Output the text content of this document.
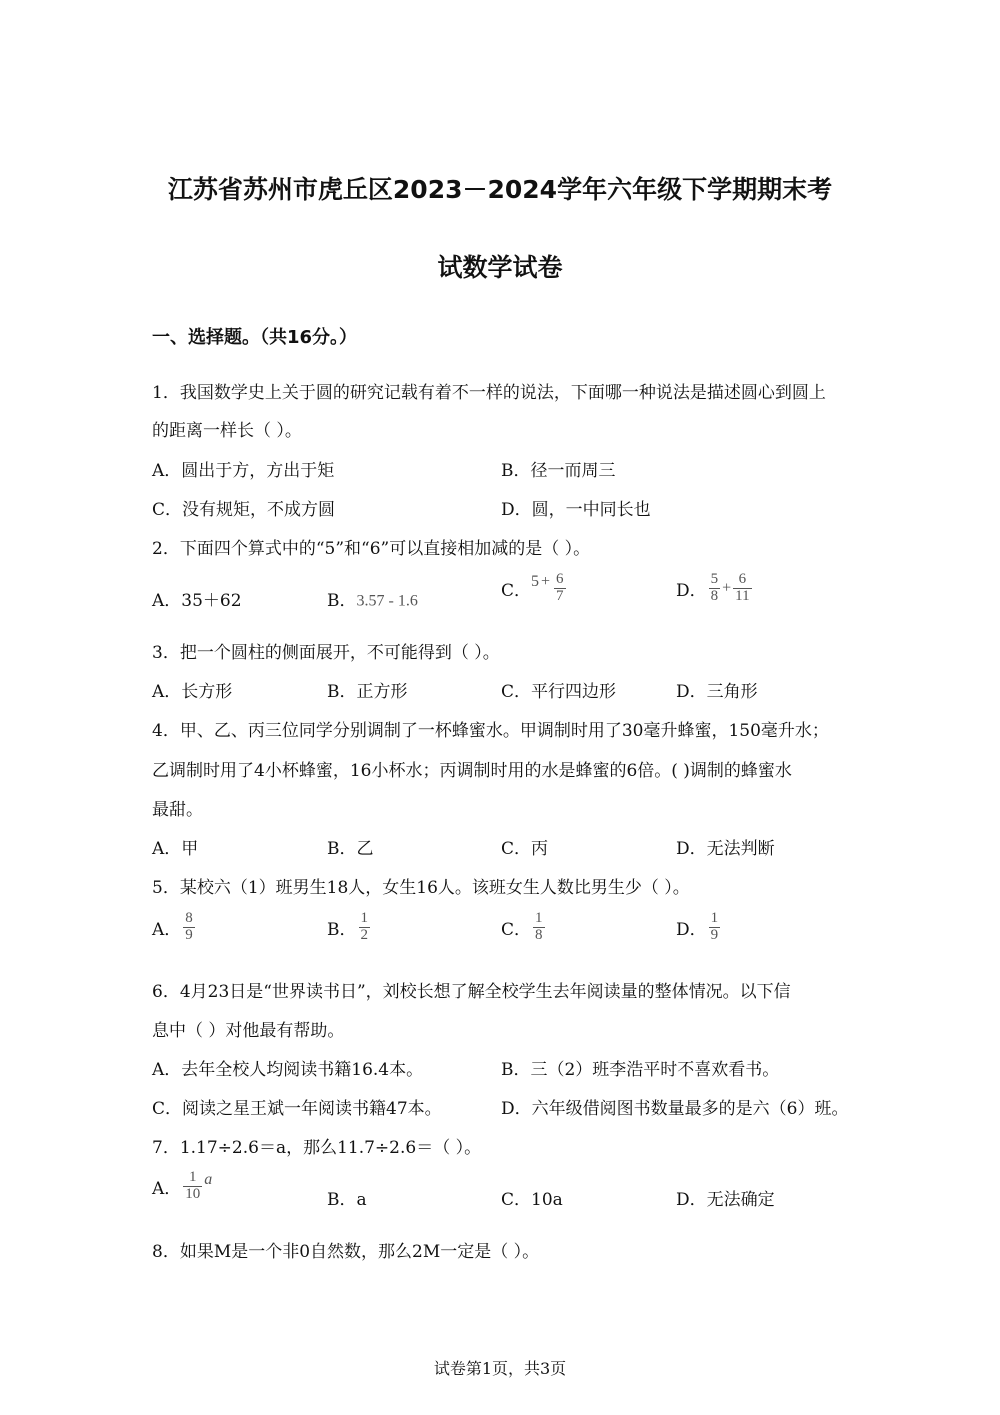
江苏省苏州市虎丘区2023－2024学年六年级下学期期末考
试数学试卷
一、选择题。（共16分。）
1．我国数学史上关于圆的研究记载有着不一样的说法，下面哪一种说法是描述圆心到圆上
的距离一样长（ ）。
A．圆出于方，方出于矩	B．径一而周三
C．没有规矩，不成方圆	D．圆，一中同长也
2．下面四个算式中的“5”和“6”可以直接相加减的是（ ）。
A．35＋62	B．3.57 - 1.6
C．$5 + \frac{6}{7}$	D． $\frac{5}{8} + \frac{6}{11}$
3．把一个圆柱的侧面展开，不可能得到（ ）。
A．长方形	B．正方形	C．平行四边形	D．三角形
4．甲、乙、丙三位同学分别调制了一杯蜂蜜水。甲调制时用了30毫升蜂蜜，150毫升水；
乙调制时用了4小杯蜂蜜，16小杯水；丙调制时用的水是蜂蜜的6倍。( )调制的蜂蜜水
最甜。
A．甲	B．乙	C．丙	D．无法判断
5．某校六（1）班男生18人，女生16人。该班女生人数比男生少（ ）。
A． $\frac{8}{9}$	B． $\frac{1}{2}$	C． $\frac{1}{8}$	D． $\frac{1}{9}$
6．4月23日是“世界读书日”，刘校长想了解全校学生去年阅读量的整体情况。以下信
息中（ ）对他最有帮助。
A．去年全校人均阅读书籍16.4本。	B．三（2）班李浩平时不喜欢看书。
C．阅读之星王斌一年阅读书籍47本。	D．六年级借阅图书数量最多的是六（6）班。
7．1.17÷2.6＝a，那么11.7÷2.6＝（ ）。
A． $\frac{1}{10}$ a
B．a	C．10a	D．无法确定
8．如果M是一个非0自然数，那么2M一定是（ ）。
试卷第1页，共3页
